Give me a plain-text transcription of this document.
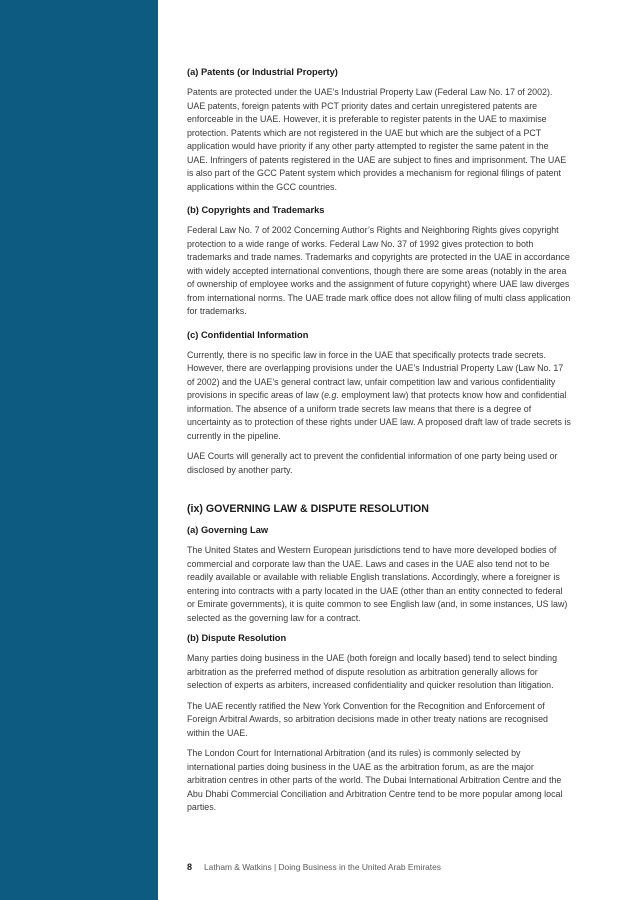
(a) Patents (or Industrial Property)

Patents are protected under the UAE’s Industrial Property Law (Federal Law No. 17 of 2002). UAE patents, foreign patents with PCT priority dates and certain unregistered patents are enforceable in the UAE. However, it is preferable to register patents in the UAE to maximise protection. Patents which are not registered in the UAE but which are the subject of a PCT application would have priority if any other party attempted to register the same patent in the UAE. Infringers of patents registered in the UAE are subject to fines and imprisonment. The UAE is also part of the GCC Patent system which provides a mechanism for regional filings of patent applications within the GCC countries.

(b) Copyrights and Trademarks

Federal Law No. 7 of 2002 Concerning Author’s Rights and Neighboring Rights gives copyright protection to a wide range of works. Federal Law No. 37 of 1992 gives protection to both trademarks and trade names. Trademarks and copyrights are protected in the UAE in accordance with widely accepted international conventions, though there are some areas (notably in the area of ownership of employee works and the assignment of future copyright) where UAE law diverges from international norms. The UAE trade mark office does not allow filing of multi class application for trademarks.

(c) Confidential Information

Currently, there is no specific law in force in the UAE that specifically protects trade secrets. However, there are overlapping provisions under the UAE’s Industrial Property Law (Law No. 17 of 2002) and the UAE’s general contract law, unfair competition law and various confidentiality provisions in specific areas of law (e.g. employment law) that protects know how and confidential information. The absence of a uniform trade secrets law means that there is a degree of uncertainty as to protection of these rights under UAE law. A proposed draft law of trade secrets is currently in the pipeline.

UAE Courts will generally act to prevent the confidential information of one party being used or disclosed by another party.

(ix) GOVERNING LAW & DISPUTE RESOLUTION
(a) Governing Law

The United States and Western European jurisdictions tend to have more developed bodies of commercial and corporate law than the UAE. Laws and cases in the UAE also tend not to be readily available or available with reliable English translations. Accordingly, where a foreigner is entering into contracts with a party located in the UAE (other than an entity connected to federal or Emirate governments), it is quite common to see English law (and, in some instances, US law) selected as the governing law for a contract.

(b) Dispute Resolution

Many parties doing business in the UAE (both foreign and locally based) tend to select binding arbitration as the preferred method of dispute resolution as arbitration generally allows for selection of experts as arbiters, increased confidentiality and quicker resolution than litigation.

The UAE recently ratified the New York Convention for the Recognition and Enforcement of Foreign Arbitral Awards, so arbitration decisions made in other treaty nations are recognised within the UAE.

The London Court for International Arbitration (and its rules) is commonly selected by international parties doing business in the UAE as the arbitration forum, as are the major arbitration centres in other parts of the world. The Dubai International Arbitration Centre and the Abu Dhabi Commercial Conciliation and Arbitration Centre tend to be more popular among local parties.

8 Latham & Watkins | Doing Business in the United Arab Emirates
